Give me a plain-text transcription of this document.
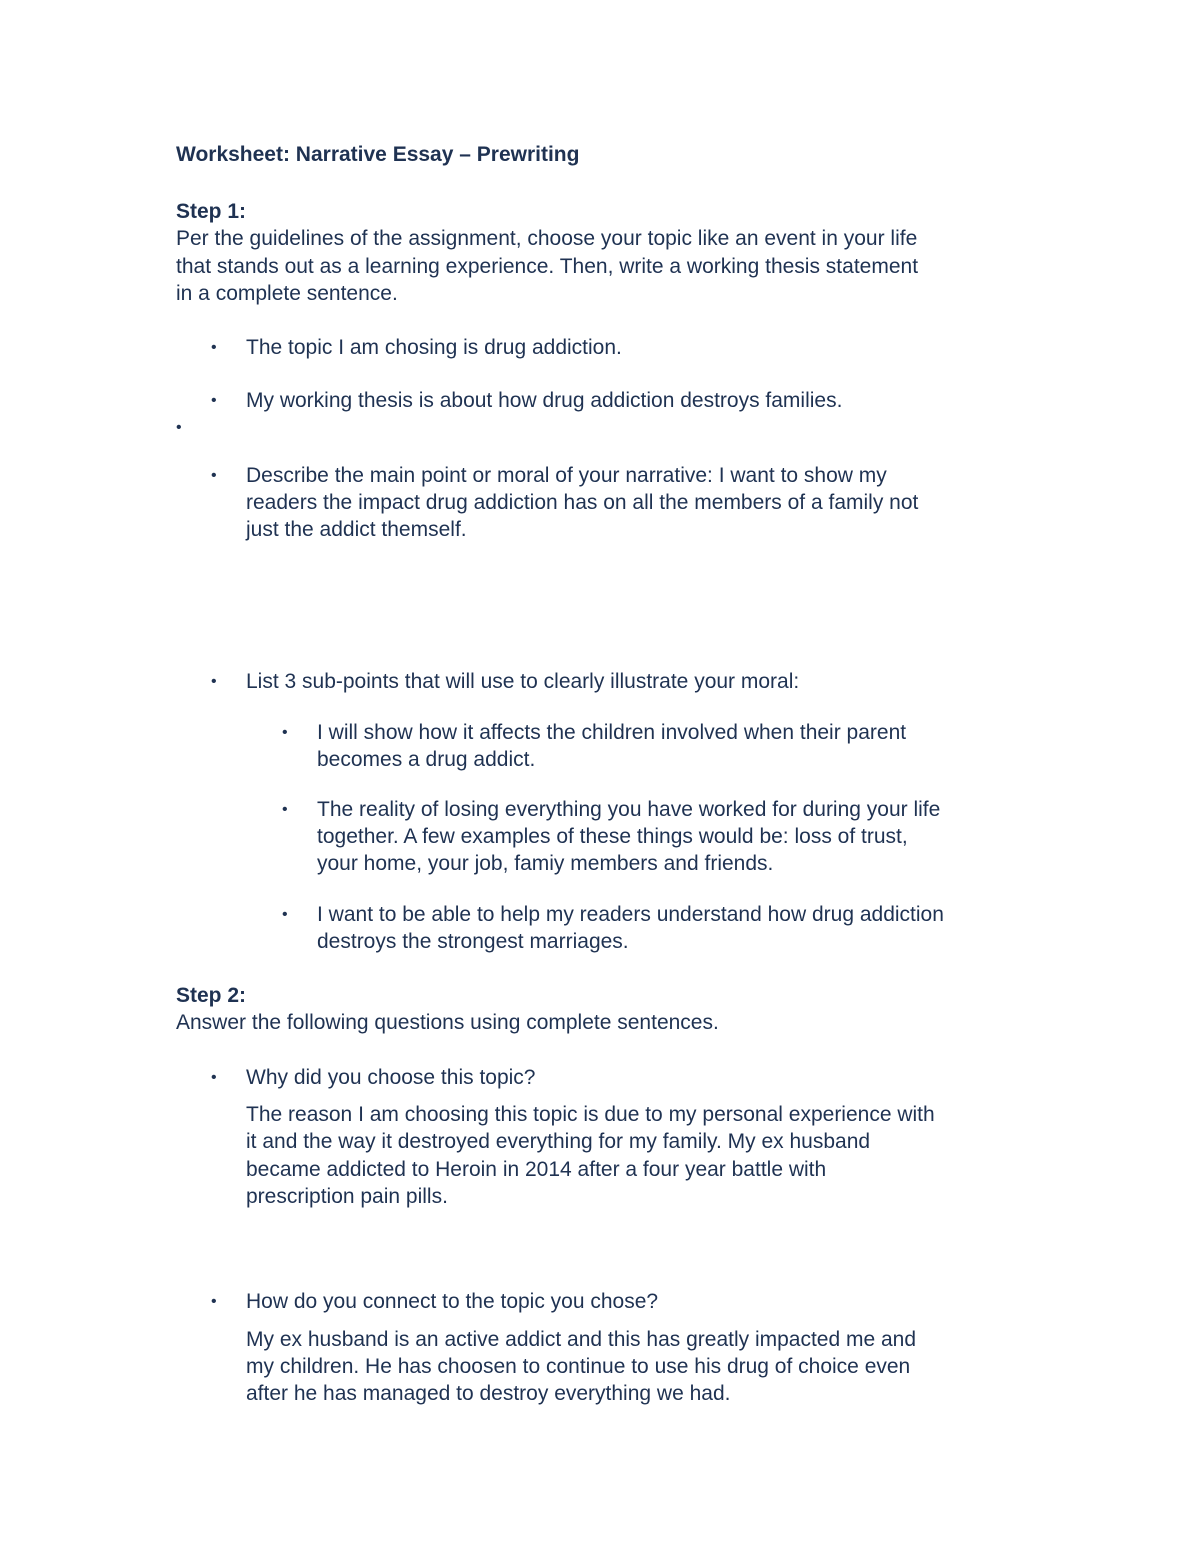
Worksheet: Narrative Essay – Prewriting
Step 1:
Per the guidelines of the assignment, choose your topic like an event in your life
that stands out as a learning experience. Then, write a working thesis statement
in a complete sentence.
• The topic I am chosing is drug addiction.
• My working thesis is about how drug addiction destroys families.
•
• Describe the main point or moral of your narrative: I want to show my
readers the impact drug addiction has on all the members of a family not
just the addict themself.
• List 3 sub-points that will use to clearly illustrate your moral:
• I will show how it affects the children involved when their parent
becomes a drug addict.
• The reality of losing everything you have worked for during your life
together. A few examples of these things would be: loss of trust,
your home, your job, famiy members and friends.
• I want to be able to help my readers understand how drug addiction
destroys the strongest marriages.
Step 2:
Answer the following questions using complete sentences.
• Why did you choose this topic?
The reason I am choosing this topic is due to my personal experience with
it and the way it destroyed everything for my family. My ex husband
became addicted to Heroin in 2014 after a four year battle with
prescription pain pills.
• How do you connect to the topic you chose?
My ex husband is an active addict and this has greatly impacted me and
my children. He has choosen to continue to use his drug of choice even
after he has managed to destroy everything we had.
